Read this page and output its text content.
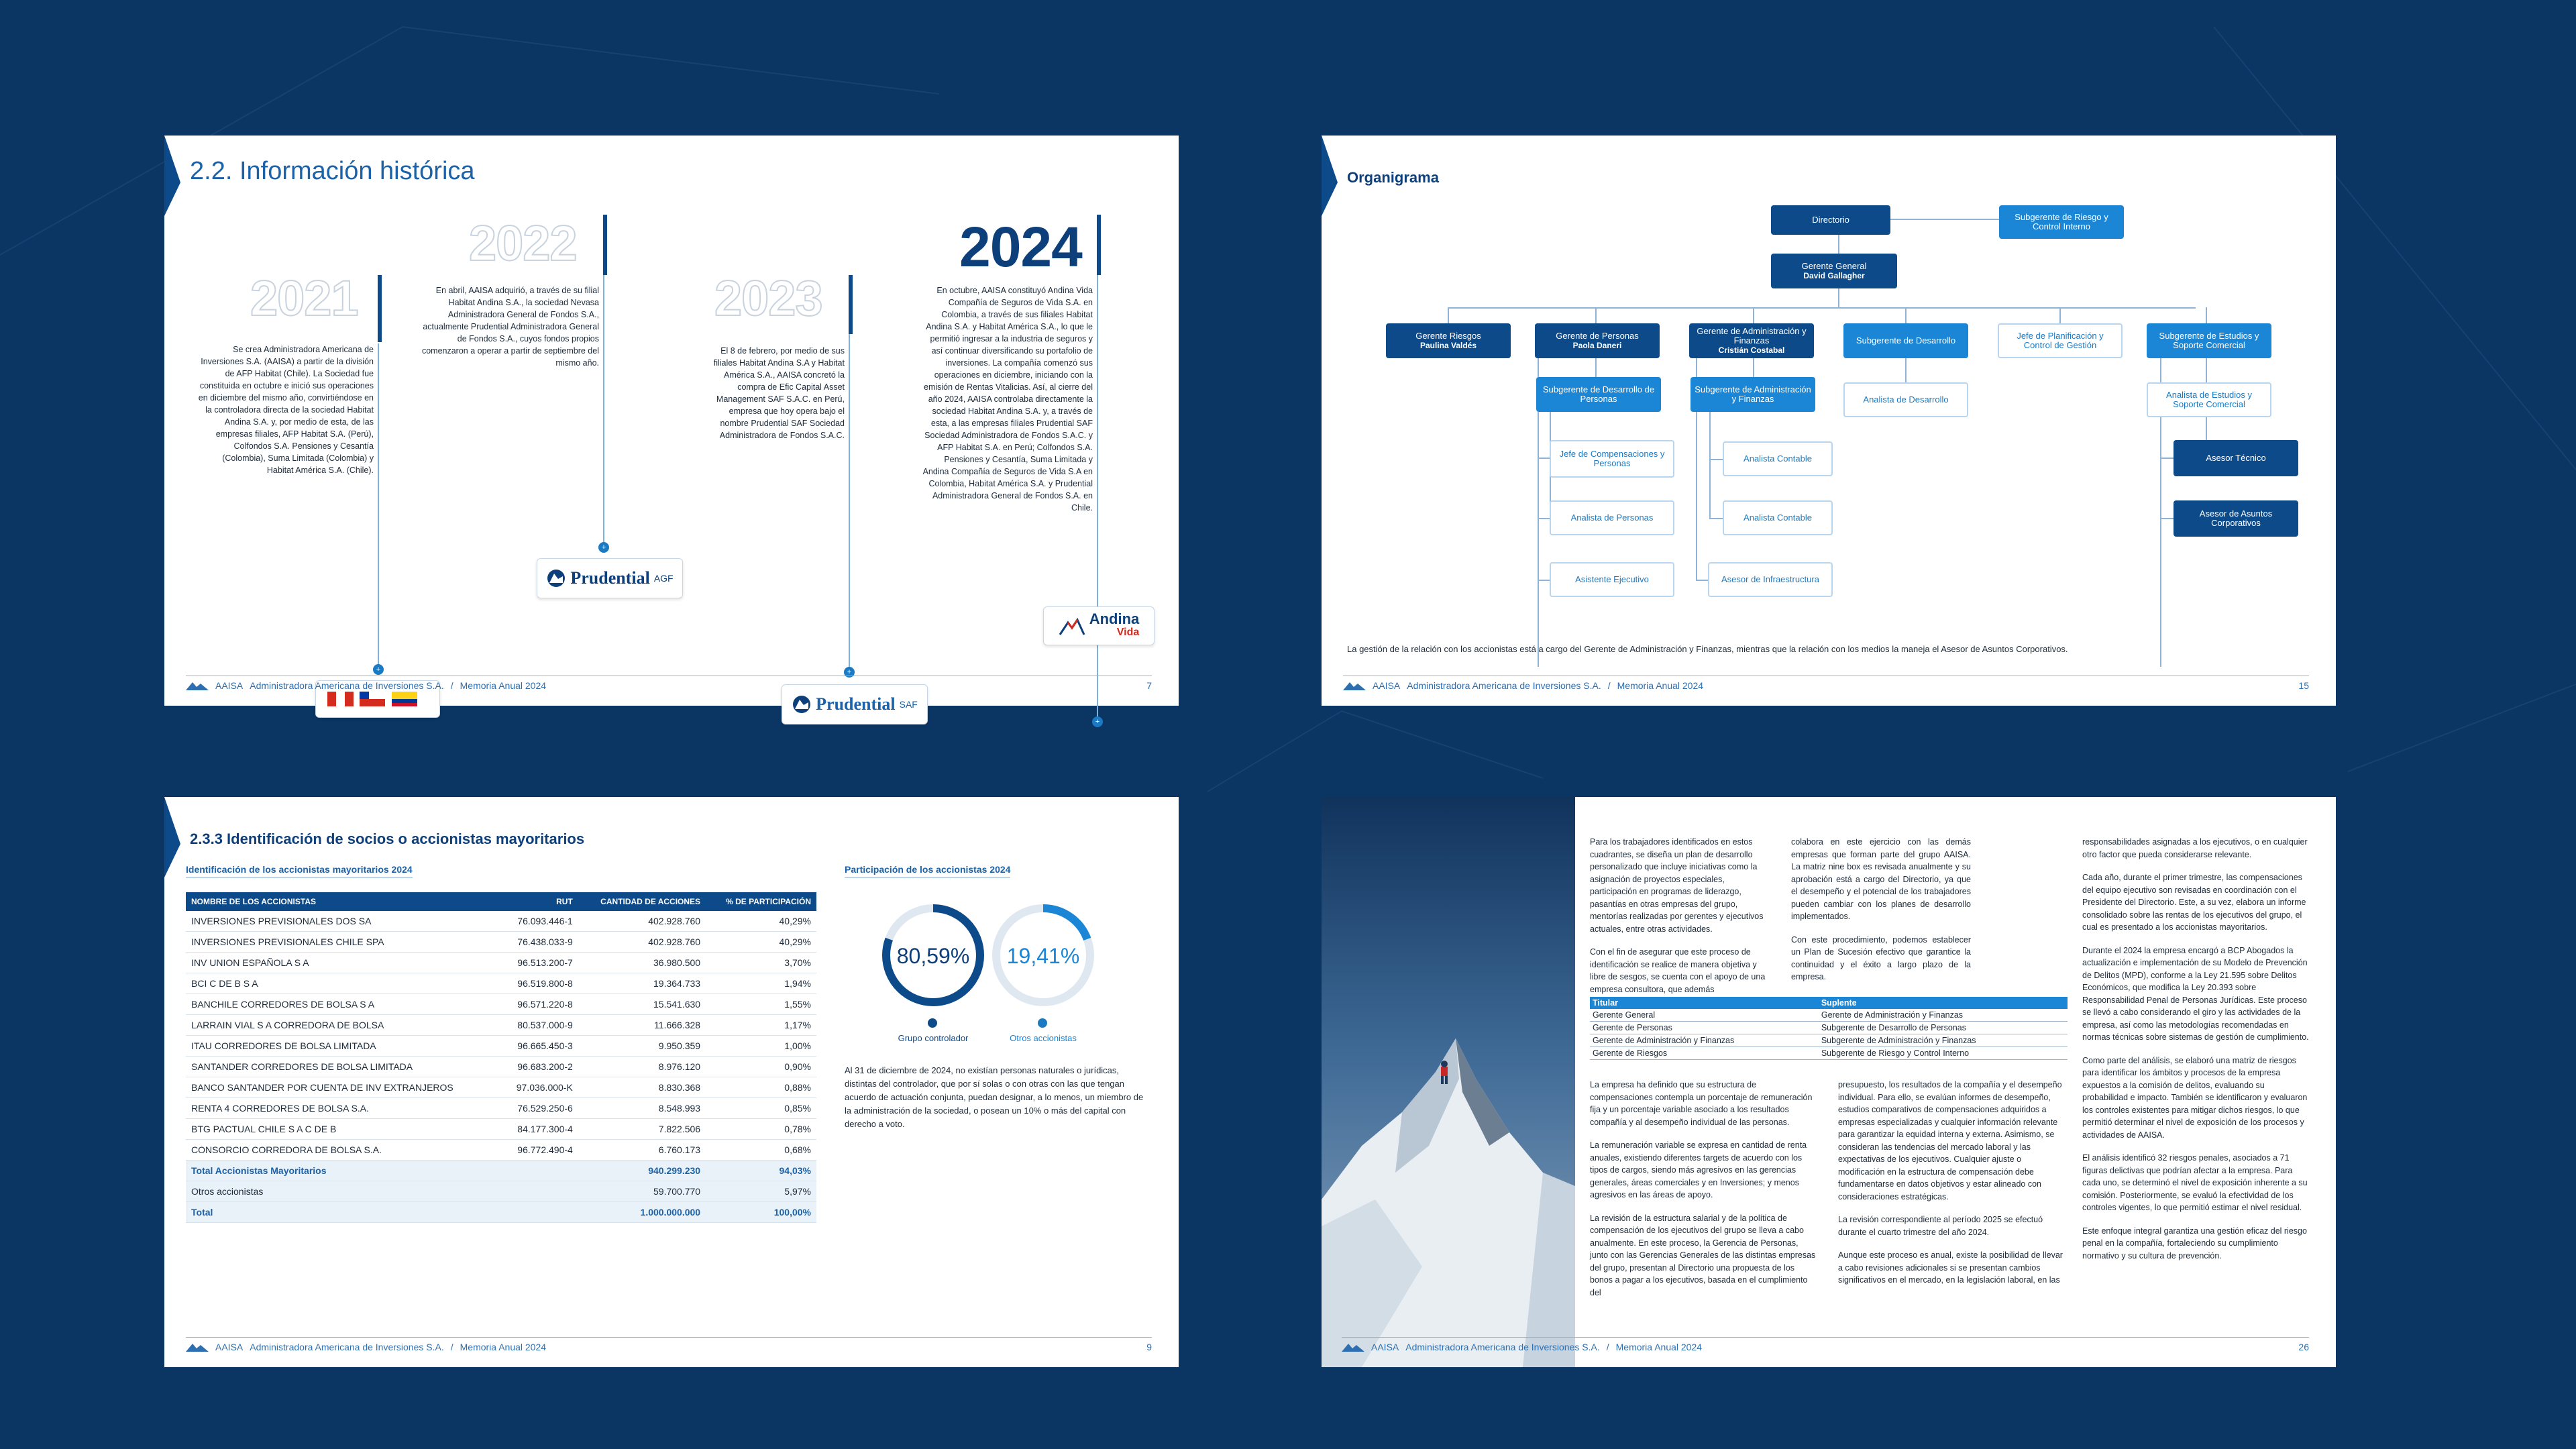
2.2. Información histórica
2021
Se crea Administradora Americana de Inversiones S.A. (AAISA) a partir de la división de AFP Habitat (Chile). La Sociedad fue constituida en octubre e inició sus operaciones en diciembre del mismo año, convirtiéndose en la controladora directa de la sociedad Habitat Andina S.A. y, por medio de esta, de las empresas filiales, AFP Habitat S.A. (Perú), Colfondos S.A. Pensiones y Cesantía (Colombia), Suma Limitada (Colombia) y Habitat América S.A. (Chile).
2022
En abril, AAISA adquirió, a través de su filial Habitat Andina S.A., la sociedad Nevasa Administradora General de Fondos S.A., actualmente Prudential Administradora General de Fondos S.A., cuyos fondos propios comenzaron a operar a partir de septiembre del mismo año.
2023
El 8 de febrero, por medio de sus filiales Habitat Andina S.A y Habitat América S.A., AAISA concretó la compra de Efic Capital Asset Management SAF S.A.C. en Perú, empresa que hoy opera bajo el nombre Prudential SAF Sociedad Administradora de Fondos S.A.C.
2024
En octubre, AAISA constituyó Andina Vida Compañía de Seguros de Vida S.A. en Colombia, a través de sus filiales Habitat Andina S.A. y Habitat América S.A., lo que le permitió ingresar a la industria de seguros y así continuar diversificando su portafolio de inversiones. La compañía comenzó sus operaciones en diciembre, iniciando con la emisión de Rentas Vitalicias. Así, al cierre del año 2024, AAISA controlaba directamente la sociedad Habitat Andina S.A. y, a través de esta, a las empresas filiales Prudential SAF Sociedad Administradora de Fondos S.A.C. y AFP Habitat S.A. en Perú; Colfondos S.A. Pensiones y Cesantía, Suma Limitada y Andina Compañía de Seguros de Vida S.A en Colombia, Habitat América S.A. y Prudential Administradora General de Fondos S.A. en Chile.
+
+
+
+
Prudential AGF
Prudential SAF
Andina
Vida
AAISA Administradora Americana de Inversiones S.A. / Memoria Anual 2024	7
Organigrama
Directorio	Subgerente de Riesgo y Control Interno
Gerente General
David Gallagher
Gerente Riesgos
Paulina Valdés
Gerente de Personas
Paola Daneri
Gerente de Administración y Finanzas
Cristián Costabal
Subgerente de Desarrollo	Jefe de Planificación y Control de Gestión
Subgerente de Estudios y Soporte Comercial
Subgerente de Desarrollo de Personas
Subgerente de Administración y Finanzas	Analista de Desarrollo	Analista de Estudios y Soporte Comercial
Jefe de Compensaciones y Personas	Analista Contable	Asesor Técnico
Analista de Personas	Analista Contable	Asesor de Asuntos Corporativos
Asistente Ejecutivo	Asesor de Infraestructura
La gestión de la relación con los accionistas está a cargo del Gerente de Administración y Finanzas, mientras que la relación con los medios la maneja el Asesor de Asuntos Corporativos.
AAISA Administradora Americana de Inversiones S.A. / Memoria Anual 2024	15
2.3.3 Identificación de socios o accionistas mayoritarios
Identificación de los accionistas mayoritarios 2024	Participación de los accionistas 2024
NOMBRE DE LOS ACCIONISTAS	RUT	CANTIDAD DE ACCIONES	% DE PARTICIPACIÓN
INVERSIONES PREVISIONALES DOS SA	76.093.446-1	402.928.760	40,29%
INVERSIONES PREVISIONALES CHILE SPA	76.438.033-9	402.928.760	40,29%
INV UNION ESPAÑOLA S A	96.513.200-7	36.980.500	3,70%
BCI C DE B S A	96.519.800-8	19.364.733	1,94%
BANCHILE CORREDORES DE BOLSA S A	96.571.220-8	15.541.630	1,55%
LARRAIN VIAL S A CORREDORA DE BOLSA	80.537.000-9	11.666.328	1,17%
ITAU CORREDORES DE BOLSA LIMITADA	96.665.450-3	9.950.359	1,00%
SANTANDER CORREDORES DE BOLSA LIMITADA	96.683.200-2	8.976.120	0,90%
BANCO SANTANDER POR CUENTA DE INV EXTRANJEROS	97.036.000-K	8.830.368	0,88%
RENTA 4 CORREDORES DE BOLSA S.A.	76.529.250-6	8.548.993	0,85%
BTG PACTUAL CHILE S A C DE B	84.177.300-4	7.822.506	0,78%
CONSORCIO CORREDORA DE BOLSA S.A.	96.772.490-4	6.760.173	0,68%
Total Accionistas Mayoritarios		940.299.230	94,03%
Otros accionistas		59.700.770	5,97%
Total		1.000.000.000	100,00%
80,59% 19,41%
Grupo controlador	Otros accionistas
Al 31 de diciembre de 2024, no existían personas naturales o jurídicas, distintas del controlador, que por sí solas o con otras con las que tengan acuerdo de actuación conjunta, puedan designar, a lo menos, un miembro de la administración de la sociedad, o posean un 10% o más del capital con derecho a voto.
AAISA Administradora Americana de Inversiones S.A. / Memoria Anual 2024	9

Para los trabajadores identificados en estos cuadrantes, se diseña un plan de desarrollo personalizado que incluye iniciativas como la asignación de proyectos especiales, participación en programas de liderazgo, pasantías en otras empresas del grupo, mentorías realizadas por gerentes y ejecutivos actuales, entre otras actividades.

Con el fin de asegurar que este proceso de identificación se realice de manera objetiva y libre de sesgos, se cuenta con el apoyo de una empresa consultora, que además

colabora en este ejercicio con las demás empresas que forman parte del grupo AAISA. La matriz nine box es revisada anualmente y su aprobación está a cargo del Directorio, ya que el desempeño y el potencial de los trabajadores pueden cambiar con los planes de desarrollo implementados.

Con este procedimiento, podemos establecer un Plan de Sucesión efectivo que garantice la continuidad y el éxito a largo plazo de la empresa.

responsabilidades asignadas a los ejecutivos, o en cualquier otro factor que pueda considerarse relevante.

Cada año, durante el primer trimestre, las compensaciones del equipo ejecutivo son revisadas en coordinación con el Presidente del Directorio. Este, a su vez, elabora un informe consolidado sobre las rentas de los ejecutivos del grupo, el cual es presentado a los accionistas mayoritarios.

Durante el 2024 la empresa encargó a BCP Abogados la actualización e implementación de su Modelo de Prevención de Delitos (MPD), conforme a la Ley 21.595 sobre Delitos Económicos, que modifica la Ley 20.393 sobre Responsabilidad Penal de Personas Jurídicas. Este proceso se llevó a cabo considerando el giro y las actividades de la empresa, así como las metodologías recomendadas en normas técnicas sobre sistemas de gestión de cumplimiento.

Como parte del análisis, se elaboró una matriz de riesgos para identificar los ámbitos y procesos de la empresa expuestos a la comisión de delitos, evaluando su probabilidad e impacto. También se identificaron y evaluaron los controles existentes para mitigar dichos riesgos, lo que permitió determinar el nivel de exposición de los procesos y actividades de AAISA.

El análisis identificó 32 riesgos penales, asociados a 71 figuras delictivas que podrían afectar a la empresa. Para cada uno, se determinó el nivel de exposición inherente a su comisión. Posteriormente, se evaluó la efectividad de los controles vigentes, lo que permitió estimar el nivel residual.

Este enfoque integral garantiza una gestión eficaz del riesgo penal en la compañía, fortaleciendo su cumplimiento normativo y su cultura de prevención.

Titular	Suplente
Gerente General	Gerente de Administración y Finanzas
Gerente de Personas	Subgerente de Desarrollo de Personas
Gerente de Administración y Finanzas	Subgerente de Administración y Finanzas
Gerente de Riesgos	Subgerente de Riesgo y Control Interno

La empresa ha definido que su estructura de compensaciones contempla un porcentaje de remuneración fija y un porcentaje variable asociado a los resultados compañía y al desempeño individual de las personas.

La remuneración variable se expresa en cantidad de renta anuales, existiendo diferentes targets de acuerdo con los tipos de cargos, siendo más agresivos en las gerencias generales, áreas comerciales y en Inversiones; y menos agresivos en las áreas de apoyo.

La revisión de la estructura salarial y de la política de compensación de los ejecutivos del grupo se lleva a cabo anualmente. En este proceso, la Gerencia de Personas, junto con las Gerencias Generales de las distintas empresas del grupo, presentan al Directorio una propuesta de los bonos a pagar a los ejecutivos, basada en el cumplimiento del

presupuesto, los resultados de la compañía y el desempeño individual. Para ello, se evalúan informes de desempeño, estudios comparativos de compensaciones adquiridos a empresas especializadas y cualquier información relevante para garantizar la equidad interna y externa. Asimismo, se consideran las tendencias del mercado laboral y las expectativas de los ejecutivos. Cualquier ajuste o modificación en la estructura de compensación debe fundamentarse en datos objetivos y estar alineado con consideraciones estratégicas.

La revisión correspondiente al período 2025 se efectuó durante el cuarto trimestre del año 2024.

Aunque este proceso es anual, existe la posibilidad de llevar a cabo revisiones adicionales si se presentan cambios significativos en el mercado, en la legislación laboral, en las

AAISA Administradora Americana de Inversiones S.A. / Memoria Anual 2024	26
